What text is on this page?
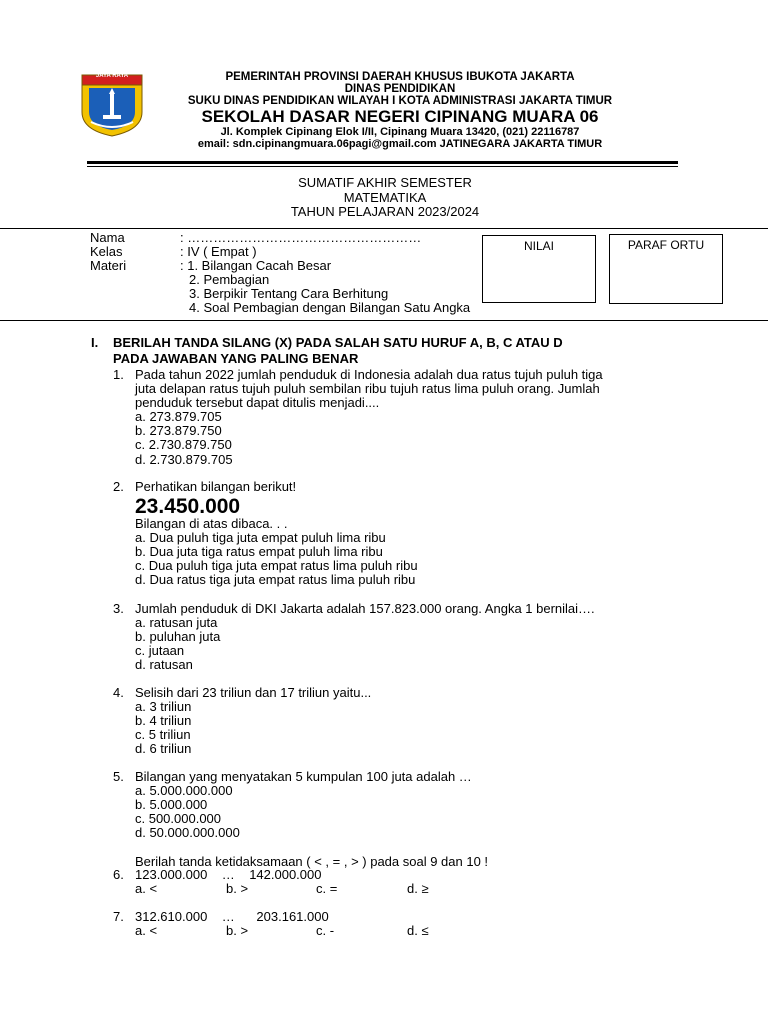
JAYA RAYA	PEMERINTAH PROVINSI DAERAH KHUSUS IBUKOTA JAKARTA
DINAS PENDIDIKAN
SUKU DINAS PENDIDIKAN WILAYAH I KOTA ADMINISTRASI JAKARTA TIMUR
SEKOLAH DASAR NEGERI CIPINANG MUARA 06
Jl. Komplek Cipinang Elok I/II, Cipinang Muara 13420, (021) 22116787
email: sdn.cipinangmuara.06pagi@gmail.com JATINEGARA JAKARTA TIMUR
SUMATIF AKHIR SEMESTER
MATEMATIKA
TAHUN PELAJARAN 2023/2024
Nama	: ………………………………………………
Kelas	: IV ( Empat )
Materi	: 1. Bilangan Cacah Besar
2. Pembagian
3. Berpikir Tentang Cara Berhitung
4. Soal Pembagian dengan Bilangan Satu Angka
NILAI	PARAF ORTU
I. BERILAH TANDA SILANG (X) PADA SALAH SATU HURUF A, B, C ATAU D
PADA JAWABAN YANG PALING BENAR
1. Pada tahun 2022 jumlah penduduk di Indonesia adalah dua ratus tujuh puluh tiga
juta delapan ratus tujuh puluh sembilan ribu tujuh ratus lima puluh orang. Jumlah
penduduk tersebut dapat ditulis menjadi....
a. 273.879.705
b. 273.879.750
c. 2.730.879.750
d. 2.730.879.705
2. Perhatikan bilangan berikut!
23.450.000
Bilangan di atas dibaca. . .
a. Dua puluh tiga juta empat puluh lima ribu
b. Dua juta tiga ratus empat puluh lima ribu
c. Dua puluh tiga juta empat ratus lima puluh ribu
d. Dua ratus tiga juta empat ratus lima puluh ribu
3. Jumlah penduduk di DKI Jakarta adalah 157.823.000 orang. Angka 1 bernilai….
a. ratusan juta
b. puluhan juta
c. jutaan
d. ratusan
4. Selisih dari 23 triliun dan 17 triliun yaitu...
a. 3 triliun
b. 4 triliun
c. 5 triliun
d. 6 triliun
5. Bilangan yang menyatakan 5 kumpulan 100 juta adalah …
a. 5.000.000.000
b. 5.000.000
c. 500.000.000
d. 50.000.000.000
Berilah tanda ketidaksamaan ( < , = , > ) pada soal 9 dan 10 !
6. 123.000.000    …    142.000.000
a. <	b. >	c. =	d. ≥
7. 312.610.000    …      203.161.000
a. <	b. >	c. -	d. ≤
